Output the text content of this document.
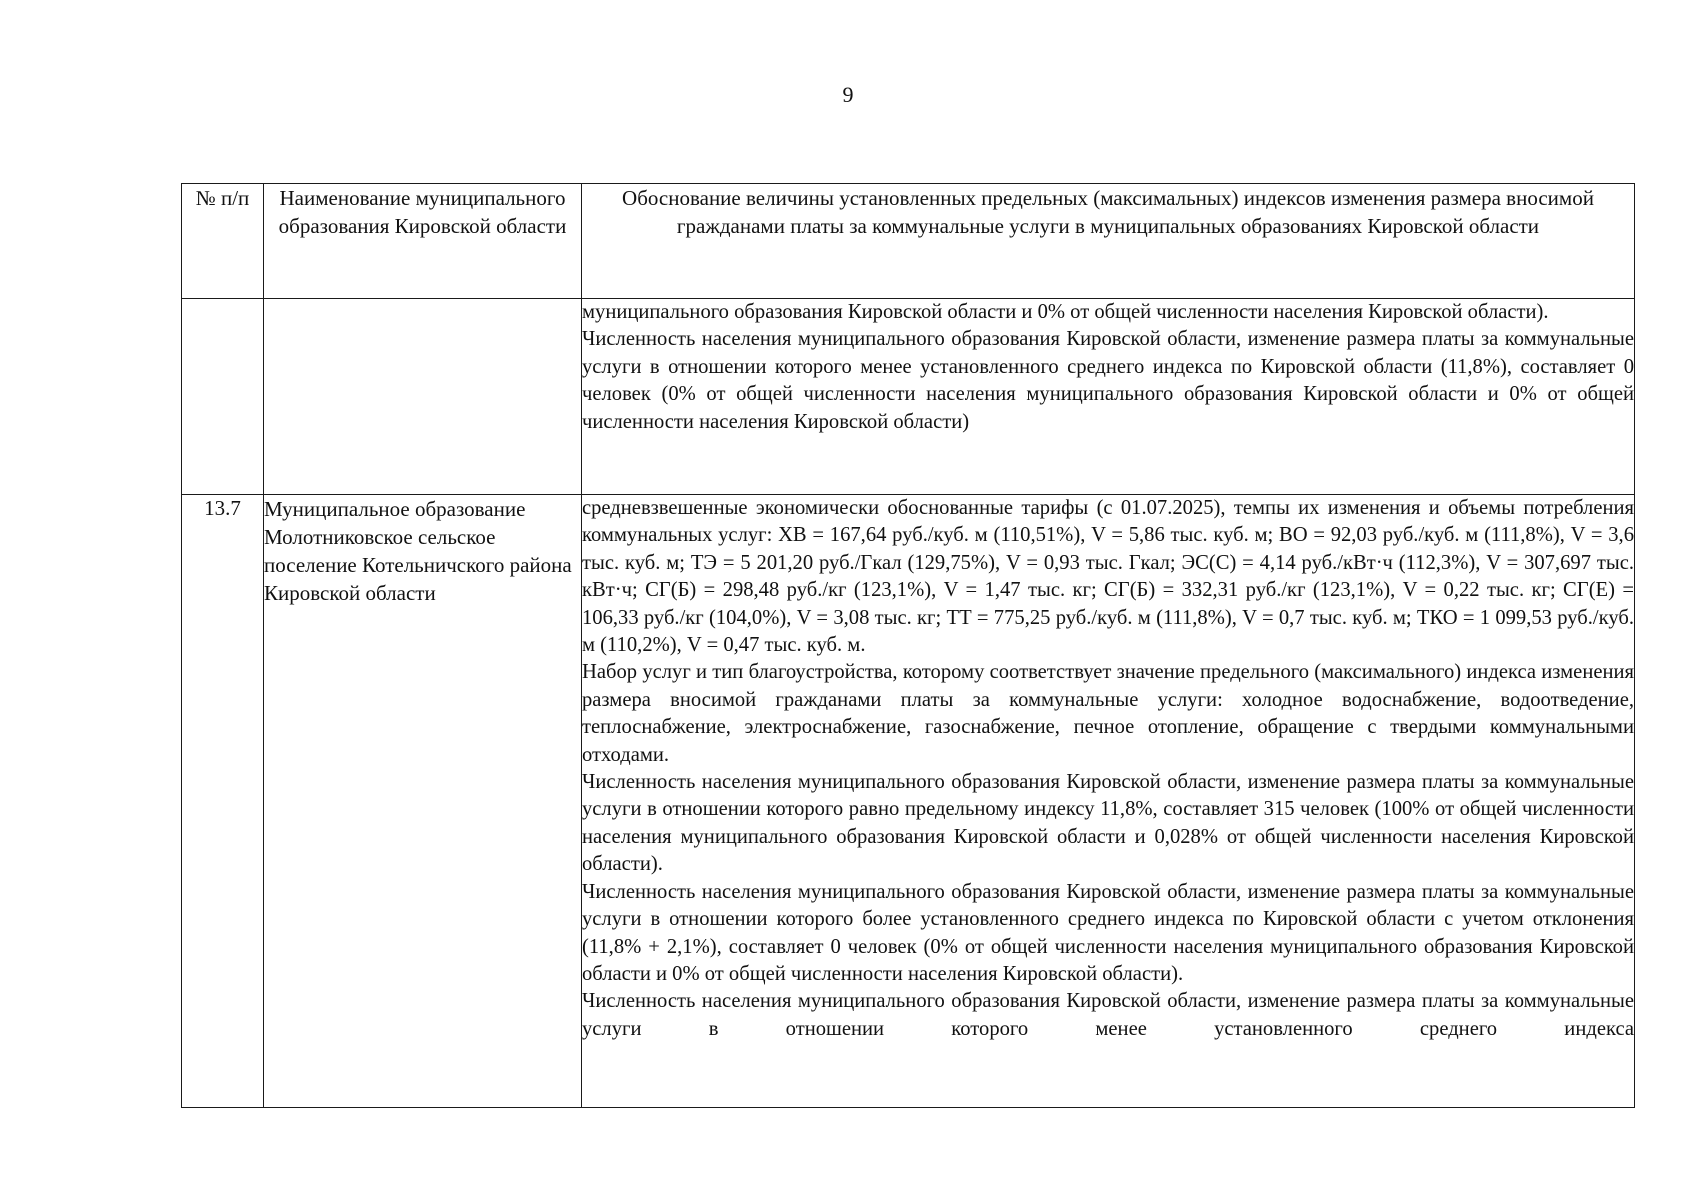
9
№ п/п	Наименование муниципального образования Кировской области	Обоснование величины установленных предельных (максимальных) индексов изменения размера вносимой гражданами платы за коммунальные услуги в муниципальных образованиях Кировской области

		муниципального образования Кировской области и 0% от общей численности населения Кировской области).

Численность населения муниципального образования Кировской области, изменение размера платы за коммунальные услуги в отношении которого менее установленного среднего индекса по Кировской области (11,8%), составляет 0 человек (0% от общей численности населения муниципального образования Кировской области и 0% от общей численности населения Кировской области)

13.7	Муниципальное образование Молотниковское сельское поселение Котельничского района Кировской области	средневзвешенные экономически обоснованные тарифы (с 01.07.2025), темпы их изменения и объемы потребления коммунальных услуг: ХВ = 167,64 руб./куб. м (110,51%), V = 5,86 тыс. куб. м; ВО = 92,03 руб./куб. м (111,8%), V = 3,6 тыс. куб. м; ТЭ = 5 201,20 руб./Гкал (129,75%), V = 0,93 тыс. Гкал; ЭС(С) = 4,14 руб./кВт·ч (112,3%), V = 307,697 тыс. кВт·ч; СГ(Б) = 298,48 руб./кг (123,1%), V = 1,47 тыс. кг; СГ(Б) = 332,31 руб./кг (123,1%), V = 0,22 тыс. кг; СГ(Е) = 106,33 руб./кг (104,0%), V = 3,08 тыс. кг; ТТ = 775,25 руб./куб. м (111,8%), V = 0,7 тыс. куб. м; ТКО = 1 099,53 руб./куб. м (110,2%), V = 0,47 тыс. куб. м.

Набор услуг и тип благоустройства, которому соответствует значение предельного (максимального) индекса изменения размера вносимой гражданами платы за коммунальные услуги: холодное водоснабжение, водоотведение, теплоснабжение, электроснабжение, газоснабжение, печное отопление, обращение с твердыми коммунальными отходами.

Численность населения муниципального образования Кировской области, изменение размера платы за коммунальные услуги в отношении которого равно предельному индексу 11,8%, составляет 315 человек (100% от общей численности населения муниципального образования Кировской области и 0,028% от общей численности населения Кировской области).

Численность населения муниципального образования Кировской области, изменение размера платы за коммунальные услуги в отношении которого более установленного среднего индекса по Кировской области с учетом отклонения (11,8% + 2,1%), составляет 0 человек (0% от общей численности населения муниципального образования Кировской области и 0% от общей численности населения Кировской области).

Численность населения муниципального образования Кировской области, изменение размера платы за коммунальные услуги в отношении которого менее установленного среднего индекса
